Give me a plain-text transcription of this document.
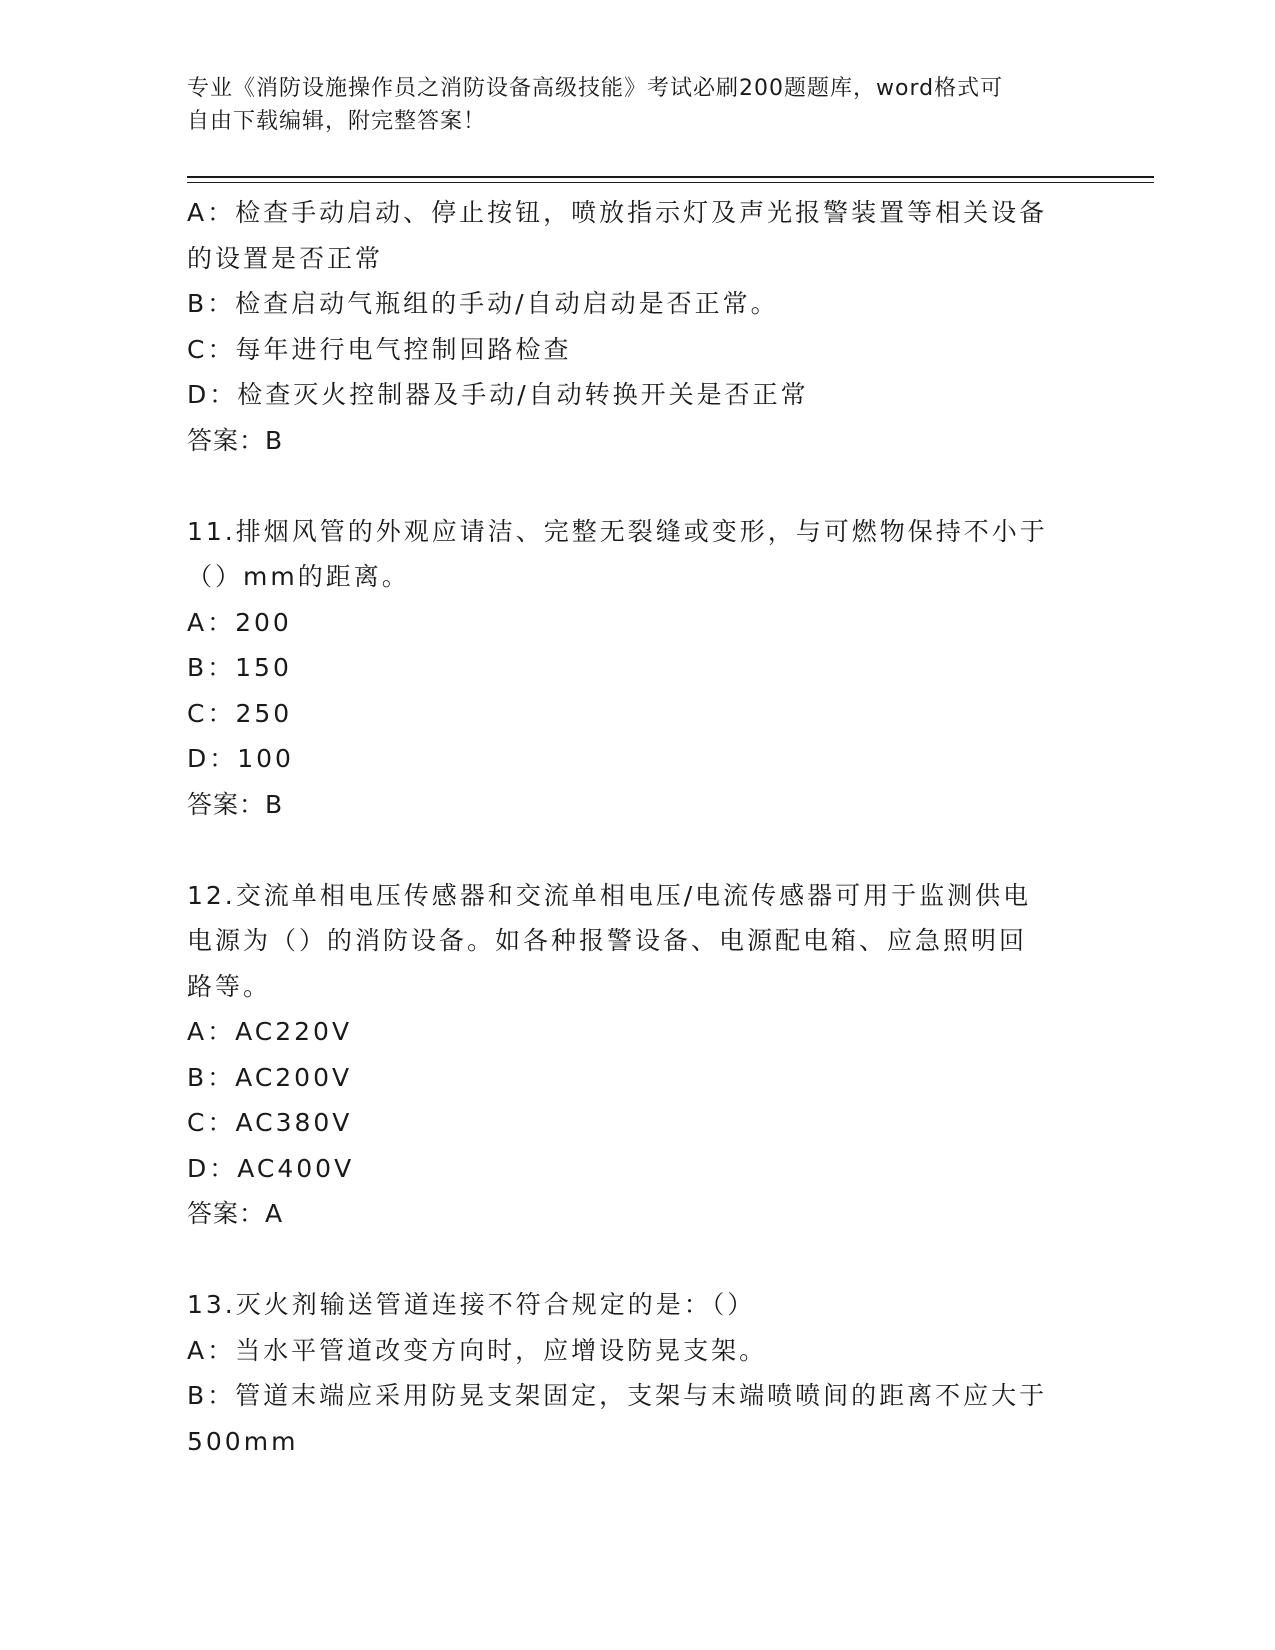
专业《消防设施操作员之消防设备高级技能》考试必刷200题题库，word格式可
自由下载编辑，附完整答案！
A：检查手动启动、停止按钮，喷放指示灯及声光报警装置等相关设备
的设置是否正常
B：检查启动气瓶组的手动/自动启动是否正常。
C：每年进行电气控制回路检查
D：检查灭火控制器及手动/自动转换开关是否正常
答案：B
11.排烟风管的外观应请洁、完整无裂缝或变形，与可燃物保持不小于
（）mm的距离。
A：200
B：150
C：250
D：100
答案：B
12.交流单相电压传感器和交流单相电压/电流传感器可用于监测供电
电源为（）的消防设备。如各种报警设备、电源配电箱、应急照明回
路等。
A：AC220V
B：AC200V
C：AC380V
D：AC400V
答案：A
13.灭火剂输送管道连接不符合规定的是：（）
A：当水平管道改变方向时，应增设防晃支架。
B：管道末端应采用防晃支架固定，支架与末端喷喷间的距离不应大于
500mm
